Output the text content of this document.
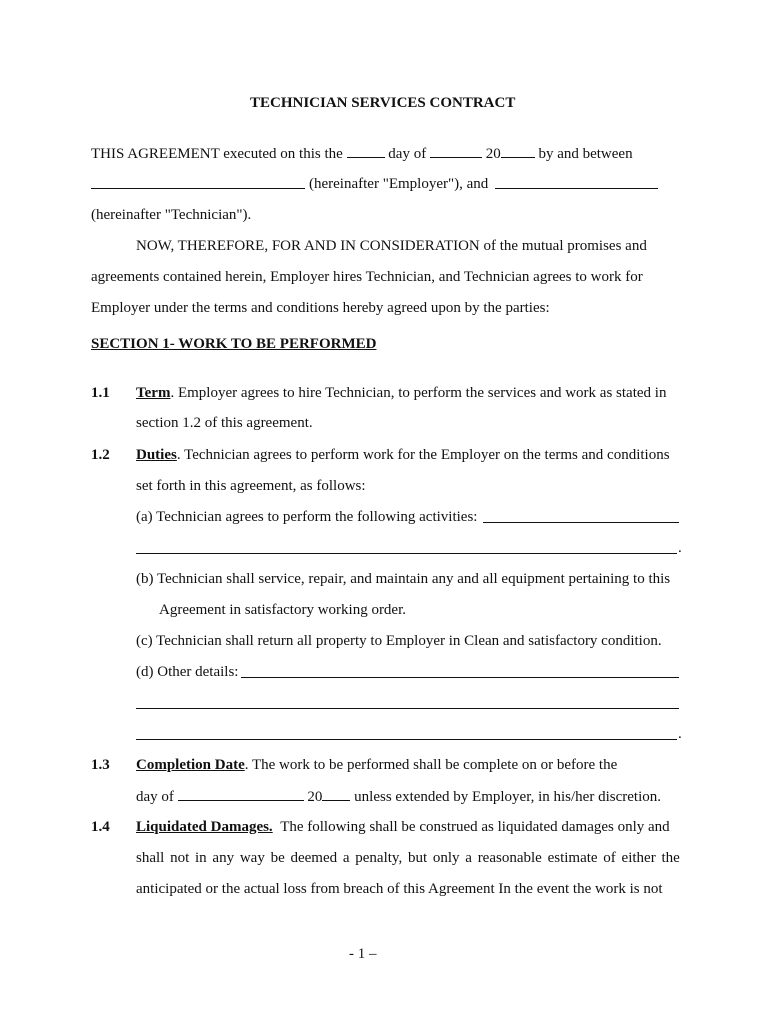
TECHNICIAN SERVICES CONTRACT
THIS AGREEMENT executed on this the	day of	20	by and between
(hereinafter "Employer"), and
(hereinafter "Technician").
NOW, THEREFORE, FOR AND IN CONSIDERATION of the mutual promises and
agreements contained herein, Employer hires Technician, and Technician agrees to work for
Employer under the terms and conditions hereby agreed upon by the parties:
SECTION 1- WORK TO BE PERFORMED
1.1 Term. Employer agrees to hire Technician, to perform the services and work as stated in
section 1.2 of this agreement.
1.2 Duties. Technician agrees to perform work for the Employer on the terms and conditions
set forth in this agreement, as follows:
(a) Technician agrees to perform the following activities:
.
(b) Technician shall service, repair, and maintain any and all equipment pertaining to this
Agreement in satisfactory working order.
(c) Technician shall return all property to Employer in Clean and satisfactory condition.
(d) Other details:
.
1.3 Completion Date. The work to be performed shall be complete on or before the
day of	20 unless extended by Employer, in his/her discretion.
1.4 Liquidated Damages. The following shall be construed as liquidated damages only and
shall not in any way be deemed a penalty, but only a reasonable estimate of either the
anticipated or the actual loss from breach of this Agreement In the event the work is not
- 1 –
